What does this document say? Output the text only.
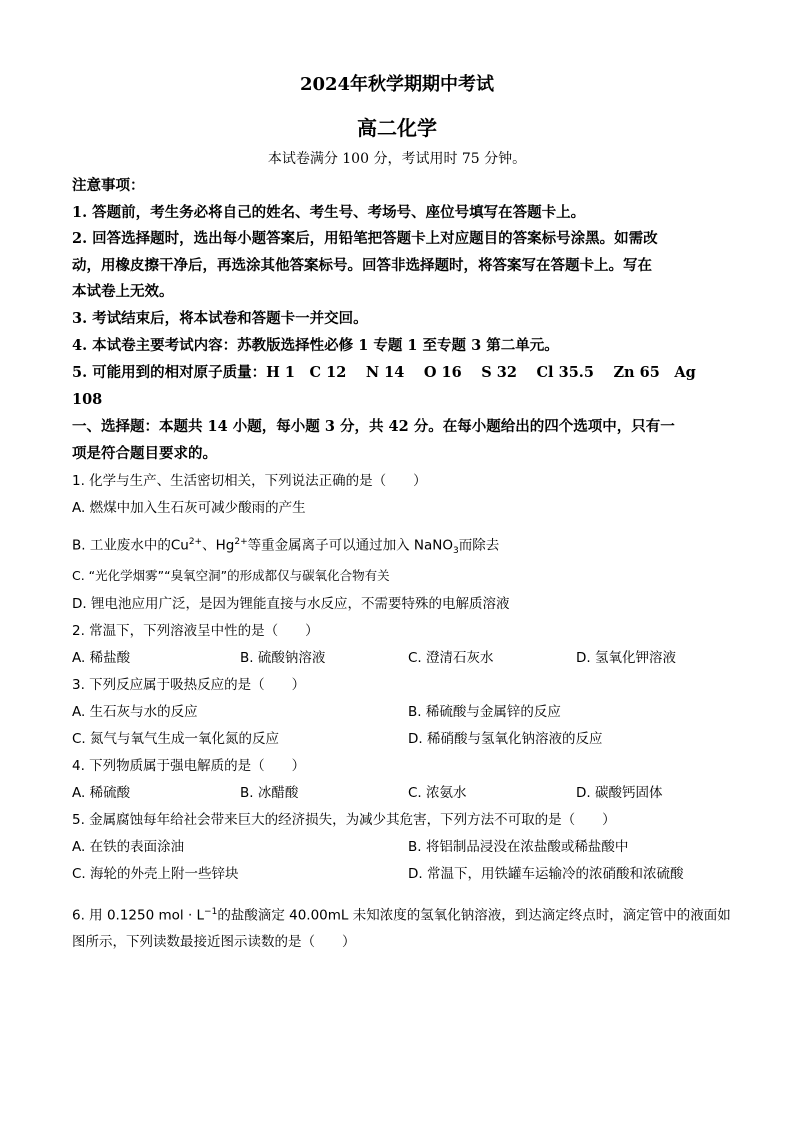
2024年秋学期期中考试
高二化学
本试卷满分 100 分，考试用时 75 分钟。
注意事项：
1. 答题前，考生务必将自己的姓名、考生号、考场号、座位号填写在答题卡上。
2. 回答选择题时，选出每小题答案后，用铅笔把答题卡上对应题目的答案标号涂黑。如需改
动，用橡皮擦干净后，再选涂其他答案标号。回答非选择题时，将答案写在答题卡上。写在
本试卷上无效。
3. 考试结束后，将本试卷和答题卡一并交回。
4. 本试卷主要考试内容：苏教版选择性必修 1 专题 1 至专题 3 第二单元。
5. 可能用到的相对原子质量：H 1　C 12　 N 14　 O 16　 S 32　 Cl 35.5　 Zn 65　Ag
108
一、选择题：本题共 14 小题，每小题 3 分，共 42 分。在每小题给出的四个选项中，只有一
项是符合题目要求的。
1. 化学与生产、生活密切相关，下列说法正确的是（　　）
A. 燃煤中加入生石灰可减少酸雨的产生
B. 工业废水中的$Cu^{2+}$、$Hg^{2+}$等重金属离子可以通过加入 NaNO$_3$而除去
C. “光化学烟雾”“臭氧空洞”的形成都仅与碳氧化合物有关
D. 锂电池应用广泛，是因为锂能直接与水反应，不需要特殊的电解质溶液
2. 常温下，下列溶液呈中性的是（　　）
A. 稀盐酸	B. 硫酸钠溶液	C. 澄清石灰水	D. 氢氧化钾溶液
3. 下列反应属于吸热反应的是（　　）
A. 生石灰与水的反应	B. 稀硫酸与金属锌的反应
C. 氮气与氧气生成一氧化氮的反应	D. 稀硝酸与氢氧化钠溶液的反应
4. 下列物质属于强电解质的是（　　）
A. 稀硫酸	B. 冰醋酸	C. 浓氨水	D. 碳酸钙固体
5. 金属腐蚀每年给社会带来巨大的经济损失，为减少其危害，下列方法不可取的是（　　）
A. 在铁的表面涂油	B. 将铝制品浸没在浓盐酸或稀盐酸中
C. 海轮的外壳上附一些锌块	D. 常温下，用铁罐车运输冷的浓硝酸和浓硫酸
6. 用 0.1250 mol · $L^{-1}$的盐酸滴定 40.00mL 未知浓度的氢氧化钠溶液，到达滴定终点时，滴定管中的液面如
图所示，下列读数最接近图示读数的是（　　）
